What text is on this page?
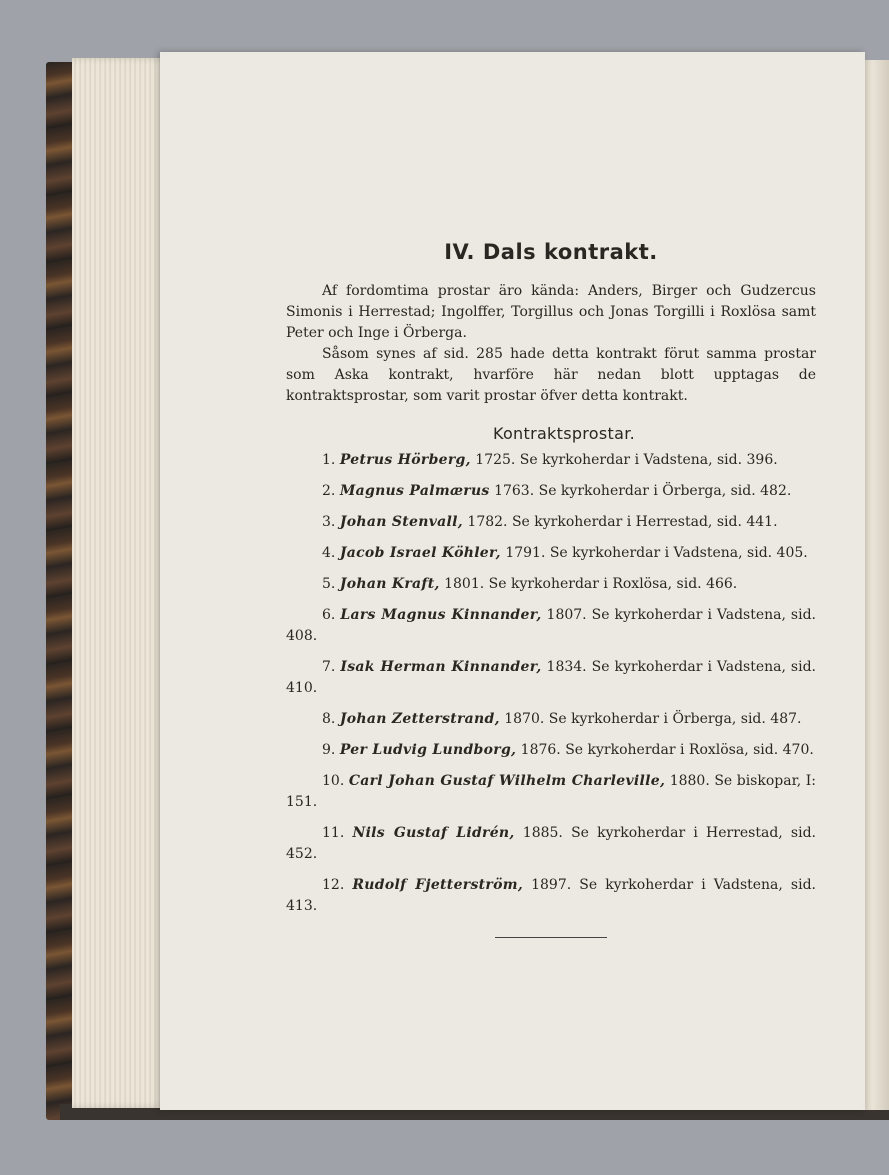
IV. Dals kontrakt.

Af fordomtima prostar äro kända: Anders, Birger och Gudzercus Simonis i Herrestad; Ingolffer, Torgillus och Jonas Torgilli i Roxlösa samt Peter och Inge i Örberga.

Såsom synes af sid. 285 hade detta kontrakt förut samma prostar som Aska kontrakt, hvarföre här nedan blott upptagas de kontraktsprostar, som varit prostar öfver detta kontrakt.

Kontraktsprostar.

1. Petrus Hörberg, 1725. Se kyrkoherdar i Vadstena, sid. 396.

2. Magnus Palmærus 1763. Se kyrkoherdar i Örberga, sid. 482.

3. Johan Stenvall, 1782. Se kyrkoherdar i Herrestad, sid. 441.

4. Jacob Israel Köhler, 1791. Se kyrkoherdar i Vadstena, sid. 405.

5. Johan Kraft, 1801. Se kyrkoherdar i Roxlösa, sid. 466.

6. Lars Magnus Kinnander, 1807. Se kyrkoherdar i Vadstena, sid. 408.

7. Isak Herman Kinnander, 1834. Se kyrkoherdar i Vadstena, sid. 410.

8. Johan Zetterstrand, 1870. Se kyrkoherdar i Örberga, sid. 487.

9. Per Ludvig Lundborg, 1876. Se kyrkoherdar i Roxlösa, sid. 470.

10. Carl Johan Gustaf Wilhelm Charleville, 1880. Se biskopar, I: 151.

11. Nils Gustaf Lidrén, 1885. Se kyrkoherdar i Herrestad, sid. 452.

12. Rudolf Fjetterström, 1897. Se kyrkoherdar i Vadstena, sid. 413.
